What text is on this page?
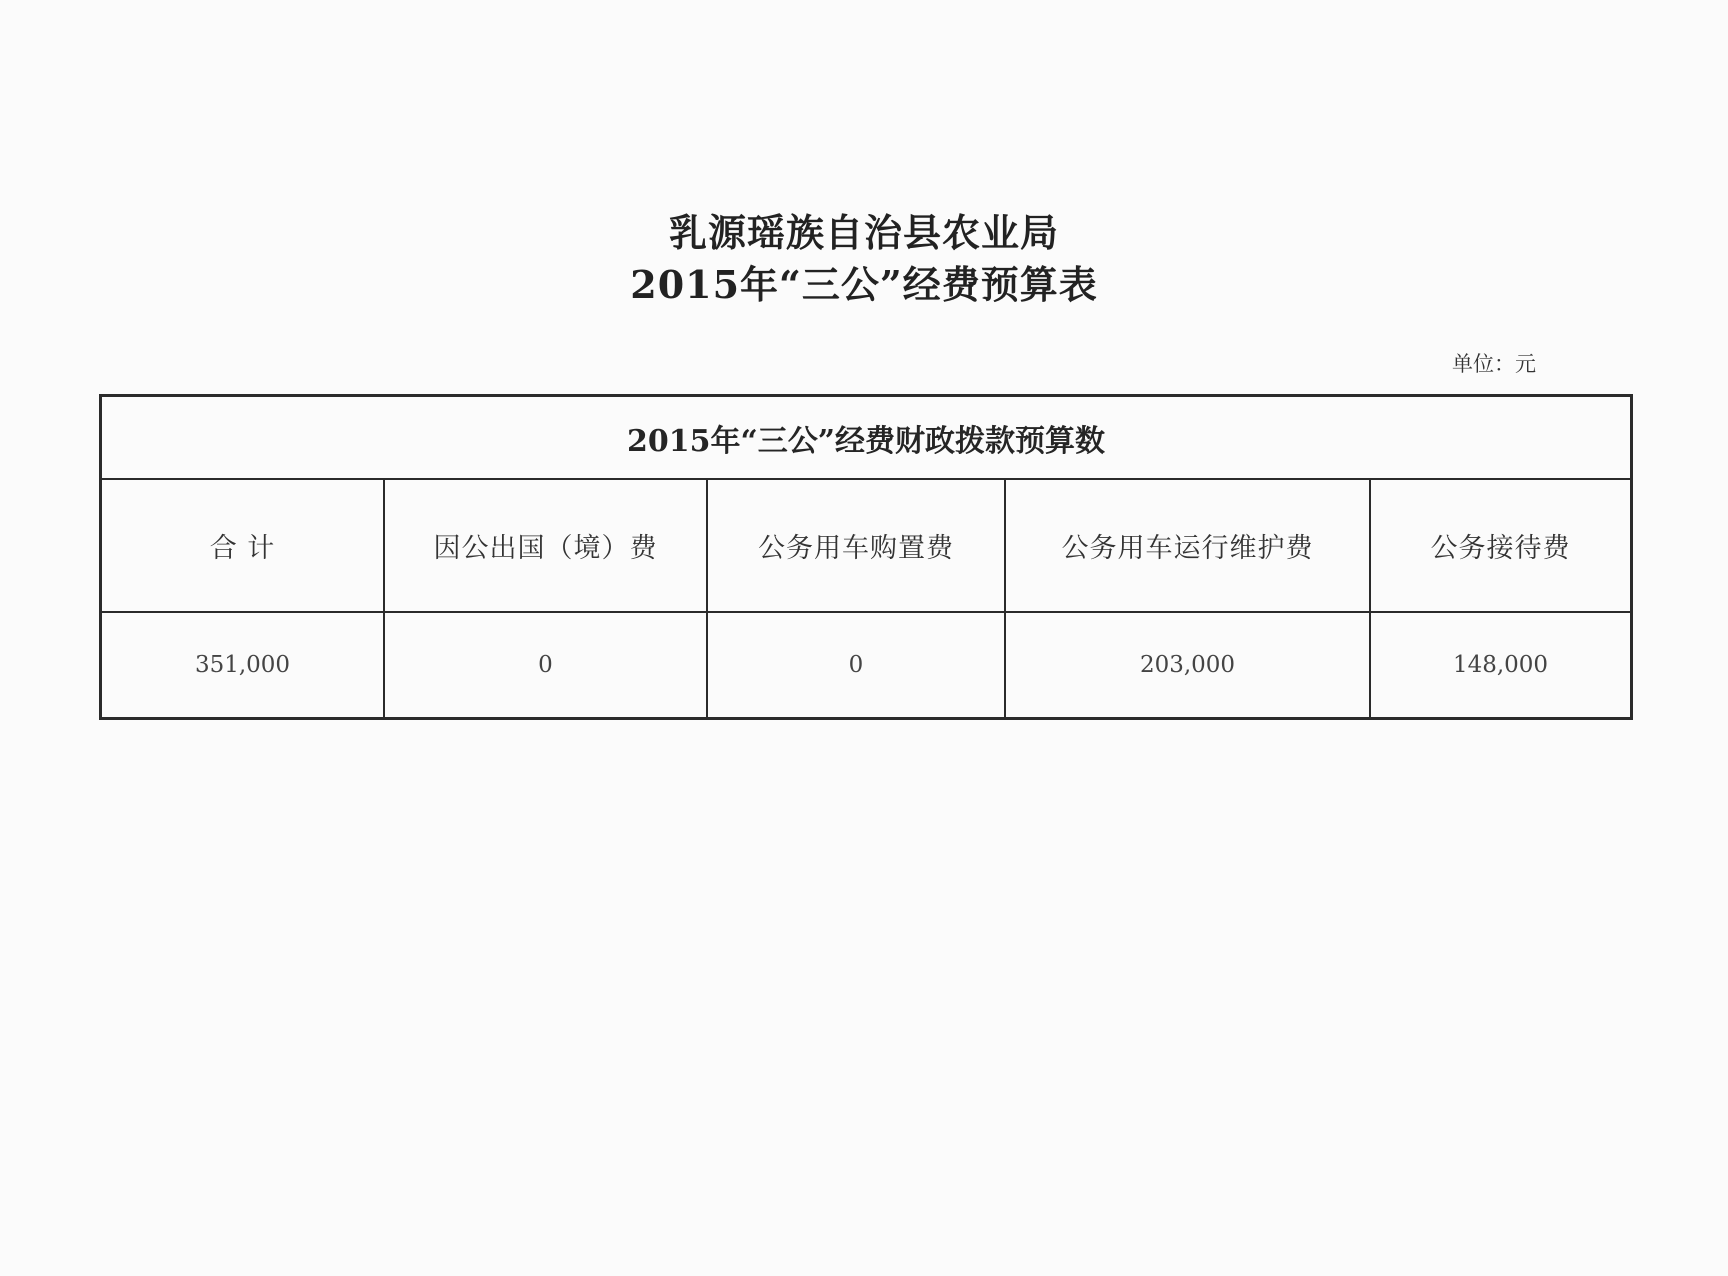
乳源瑶族自治县农业局
2015年“三公”经费预算表
单位：元
2015年“三公”经费财政拨款预算数
合 计	因公出国（境）费	公务用车购置费	公务用车运行维护费	公务接待费
351,000	0	0	203,000	148,000
